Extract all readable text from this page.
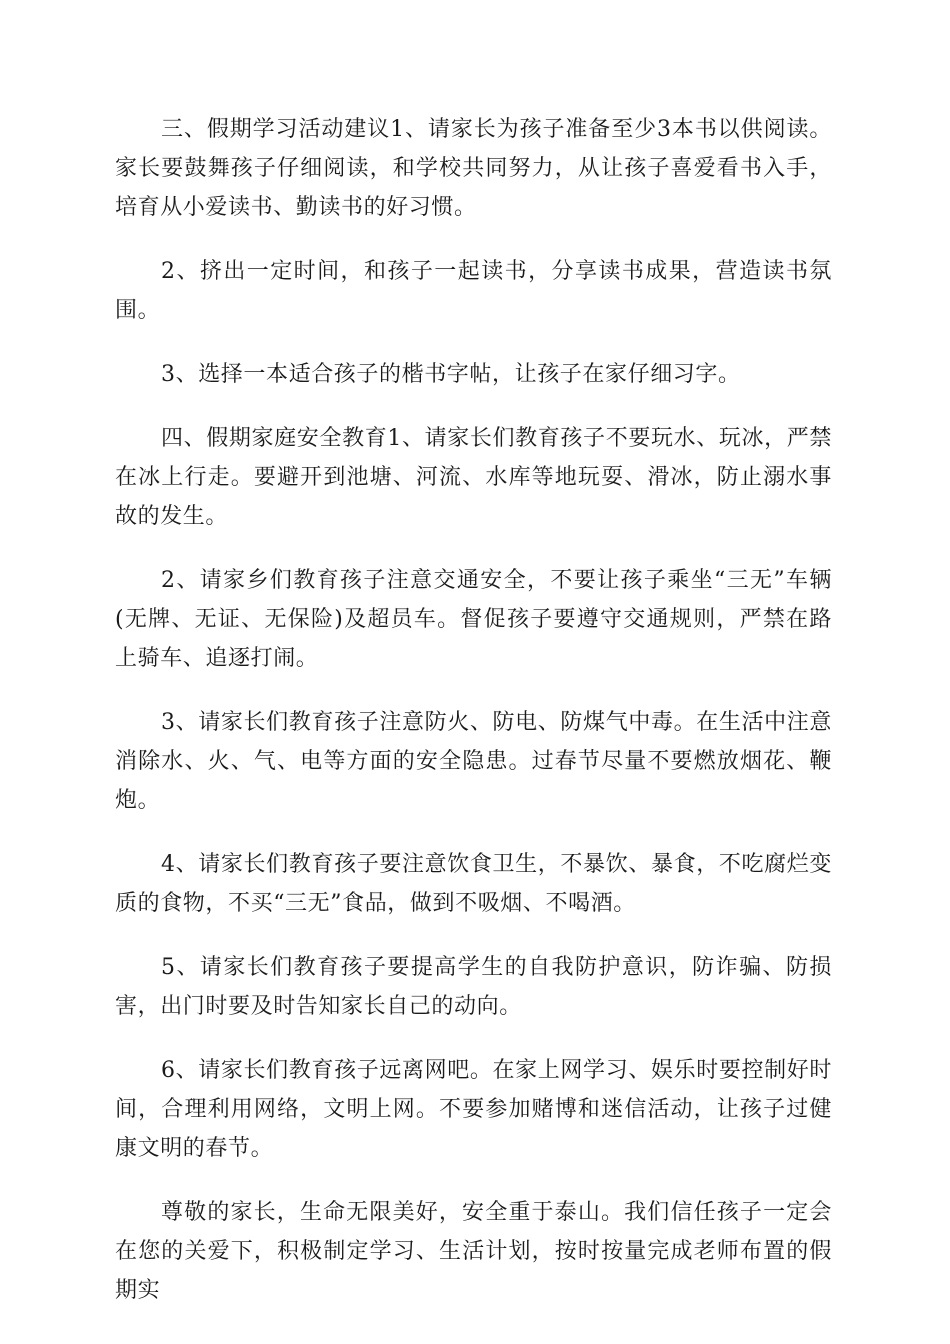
三、假期学习活动建议1、请家长为孩子准备至少3本书以供阅读。家长要鼓舞孩子仔细阅读，和学校共同努力，从让孩子喜爱看书入手，培育从小爱读书、勤读书的好习惯。

2、挤出一定时间，和孩子一起读书，分享读书成果，营造读书氛围。

3、选择一本适合孩子的楷书字帖，让孩子在家仔细习字。

四、假期家庭安全教育1、请家长们教育孩子不要玩水、玩冰，严禁在冰上行走。要避开到池塘、河流、水库等地玩耍、滑冰，防止溺水事故的发生。

2、请家乡们教育孩子注意交通安全，不要让孩子乘坐“三无”车辆(无牌、无证、无保险)及超员车。督促孩子要遵守交通规则，严禁在路上骑车、追逐打闹。

3、请家长们教育孩子注意防火、防电、防煤气中毒。在生活中注意消除水、火、气、电等方面的安全隐患。过春节尽量不要燃放烟花、鞭炮。

4、请家长们教育孩子要注意饮食卫生，不暴饮、暴食，不吃腐烂变质的食物，不买“三无”食品，做到不吸烟、不喝酒。

5、请家长们教育孩子要提高学生的自我防护意识，防诈骗、防损害，出门时要及时告知家长自己的动向。

6、请家长们教育孩子远离网吧。在家上网学习、娱乐时要控制好时间，合理利用网络，文明上网。不要参加赌博和迷信活动，让孩子过健康文明的春节。

尊敬的家长，生命无限美好，安全重于泰山。我们信任孩子一定会在您的关爱下，积极制定学习、生活计划，按时按量完成老师布置的假期实
